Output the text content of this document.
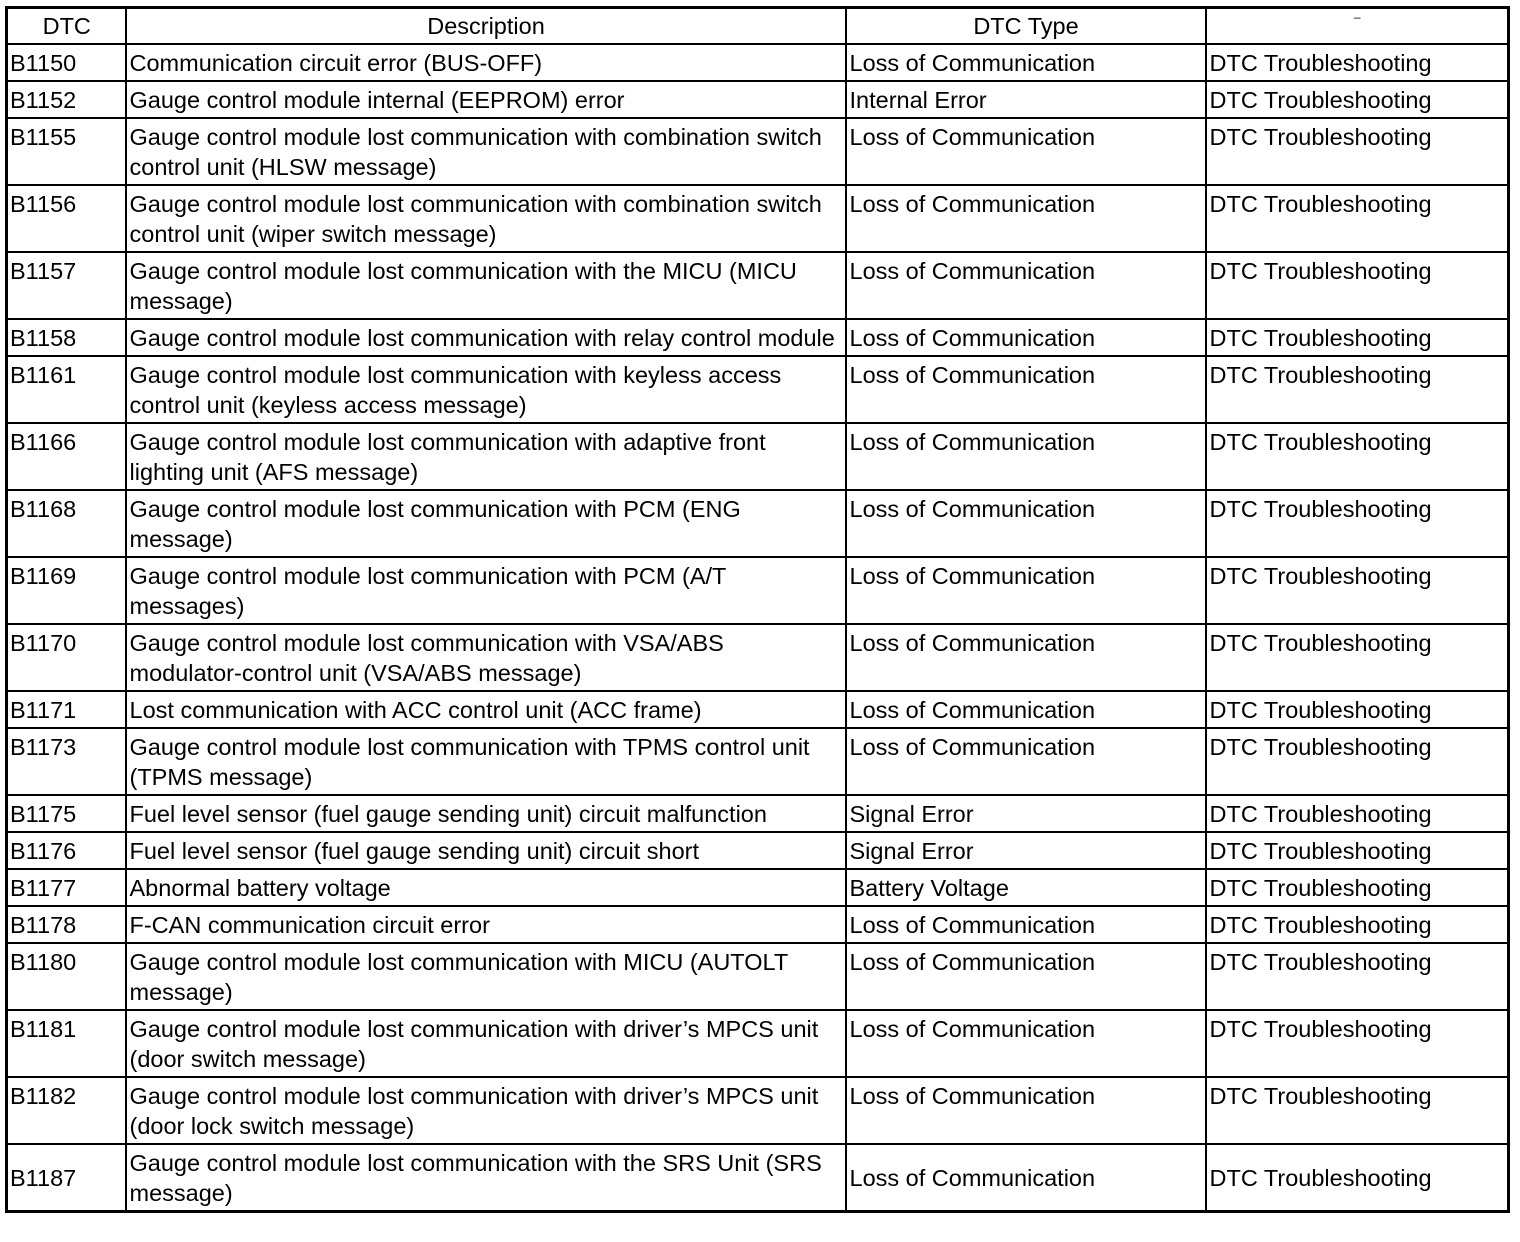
DTC	Description	DTC Type	–
B1150	Communication circuit error (BUS-OFF)	Loss of Communication	DTC Troubleshooting
B1152	Gauge control module internal (EEPROM) error	Internal Error	DTC Troubleshooting
B1155	Gauge control module lost communication with combination switch control unit (HLSW message)	Loss of Communication	DTC Troubleshooting
B1156	Gauge control module lost communication with combination switch control unit (wiper switch message)	Loss of Communication	DTC Troubleshooting
B1157	Gauge control module lost communication with the MICU (MICU message)	Loss of Communication	DTC Troubleshooting
B1158	Gauge control module lost communication with relay control module	Loss of Communication	DTC Troubleshooting
B1161	Gauge control module lost communication with keyless access control unit (keyless access message)	Loss of Communication	DTC Troubleshooting
B1166	Gauge control module lost communication with adaptive front lighting unit (AFS message)	Loss of Communication	DTC Troubleshooting
B1168	Gauge control module lost communication with PCM (ENG message)	Loss of Communication	DTC Troubleshooting
B1169	Gauge control module lost communication with PCM (A/T messages)	Loss of Communication	DTC Troubleshooting
B1170	Gauge control module lost communication with VSA/ABS modulator-control unit (VSA/ABS message)	Loss of Communication	DTC Troubleshooting
B1171	Lost communication with ACC control unit (ACC frame)	Loss of Communication	DTC Troubleshooting
B1173	Gauge control module lost communication with TPMS control unit (TPMS message)	Loss of Communication	DTC Troubleshooting
B1175	Fuel level sensor (fuel gauge sending unit) circuit malfunction	Signal Error	DTC Troubleshooting
B1176	Fuel level sensor (fuel gauge sending unit) circuit short	Signal Error	DTC Troubleshooting
B1177	Abnormal battery voltage	Battery Voltage	DTC Troubleshooting
B1178	F-CAN communication circuit error	Loss of Communication	DTC Troubleshooting
B1180	Gauge control module lost communication with MICU (AUTOLT message)	Loss of Communication	DTC Troubleshooting
B1181	Gauge control module lost communication with driver’s MPCS unit (door switch message)	Loss of Communication	DTC Troubleshooting
B1182	Gauge control module lost communication with driver’s MPCS unit (door lock switch message)	Loss of Communication	DTC Troubleshooting
B1187	Gauge control module lost communication with the SRS Unit (SRS message)	Loss of Communication	DTC Troubleshooting
